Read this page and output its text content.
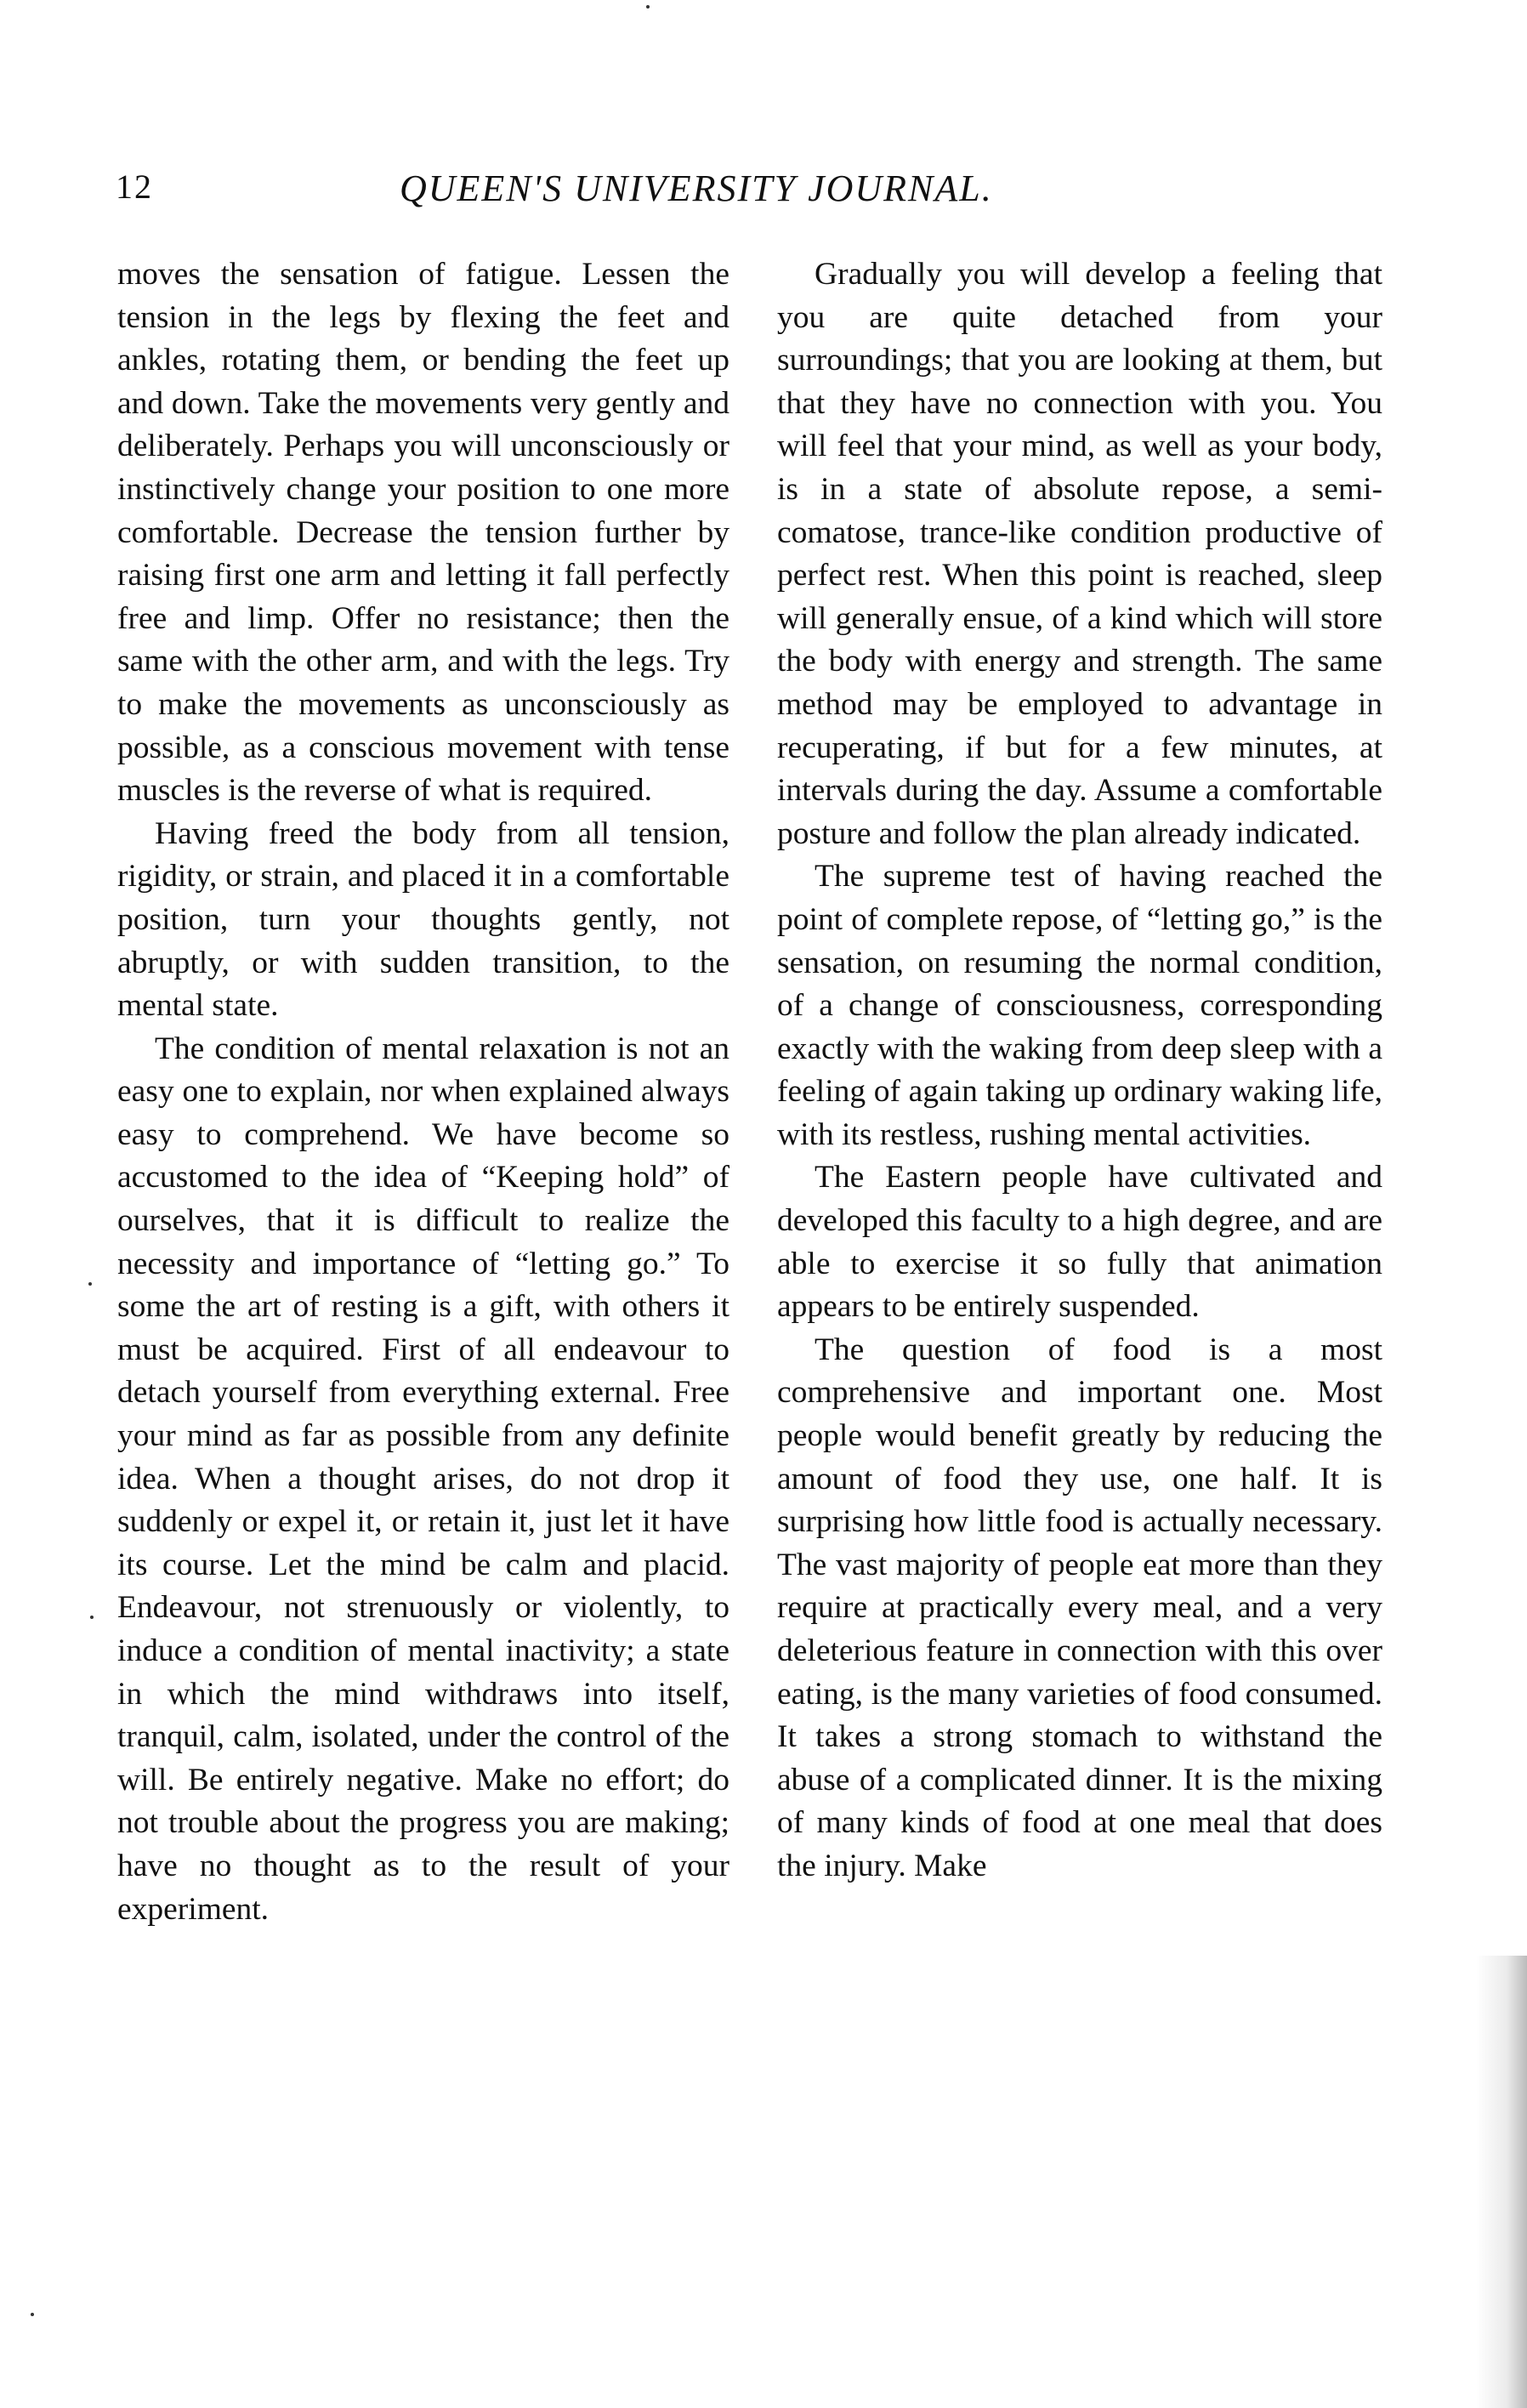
12	QUEEN'S UNIVERSITY JOURNAL.

moves the sensation of fatigue. Lessen the tension in the legs by flexing the feet and ankles, rotating them, or bending the feet up and down. Take the movements very gently and deliberately. Perhaps you will unconsciously or instinctively change your position to one more comfortable. Decrease the tension further by raising first one arm and letting it fall perfectly free and limp. Offer no resistance; then the same with the other arm, and with the legs. Try to make the movements as unconsciously as possible, as a conscious movement with tense muscles is the reverse of what is required.

Having freed the body from all tension, rigidity, or strain, and placed it in a comfortable position, turn your thoughts gently, not abruptly, or with sudden transition, to the mental state.

The condition of mental relaxation is not an easy one to explain, nor when explained always easy to comprehend. We have become so accustomed to the idea of “Keeping hold” of ourselves, that it is difficult to realize the necessity and importance of “letting go.” To some the art of resting is a gift, with others it must be acquired. First of all endeavour to detach yourself from everything external. Free your mind as far as possible from any definite idea. When a thought arises, do not drop it suddenly or expel it, or retain it, just let it have its course. Let the mind be calm and placid. Endeavour, not strenuously or violently, to induce a condition of mental inactivity; a state in which the mind withdraws into itself, tranquil, calm, isolated, under the control of the will. Be entirely negative. Make no effort; do not trouble about the progress you are making; have no thought as to the result of your experiment.

Gradually you will develop a feeling that you are quite detached from your surroundings; that you are looking at them, but that they have no connection with you. You will feel that your mind, as well as your body, is in a state of absolute repose, a semi-comatose, trance-like condition productive of perfect rest. When this point is reached, sleep will generally ensue, of a kind which will store the body with energy and strength. The same method may be employed to advantage in recuperating, if but for a few minutes, at intervals during the day. Assume a comfortable posture and follow the plan already indicated.

The supreme test of having reached the point of complete repose, of “letting go,” is the sensation, on resuming the normal condition, of a change of consciousness, corresponding exactly with the waking from deep sleep with a feeling of again taking up ordinary waking life, with its restless, rushing mental activities.

The Eastern people have cultivated and developed this faculty to a high degree, and are able to exercise it so fully that animation appears to be entirely suspended.

The question of food is a most comprehensive and important one. Most people would benefit greatly by reducing the amount of food they use, one half. It is surprising how little food is actually necessary. The vast majority of people eat more than they require at practically every meal, and a very deleterious feature in connection with this over eating, is the many varieties of food consumed. It takes a strong stomach to withstand the abuse of a complicated dinner. It is the mixing of many kinds of food at one meal that does the injury. Make
